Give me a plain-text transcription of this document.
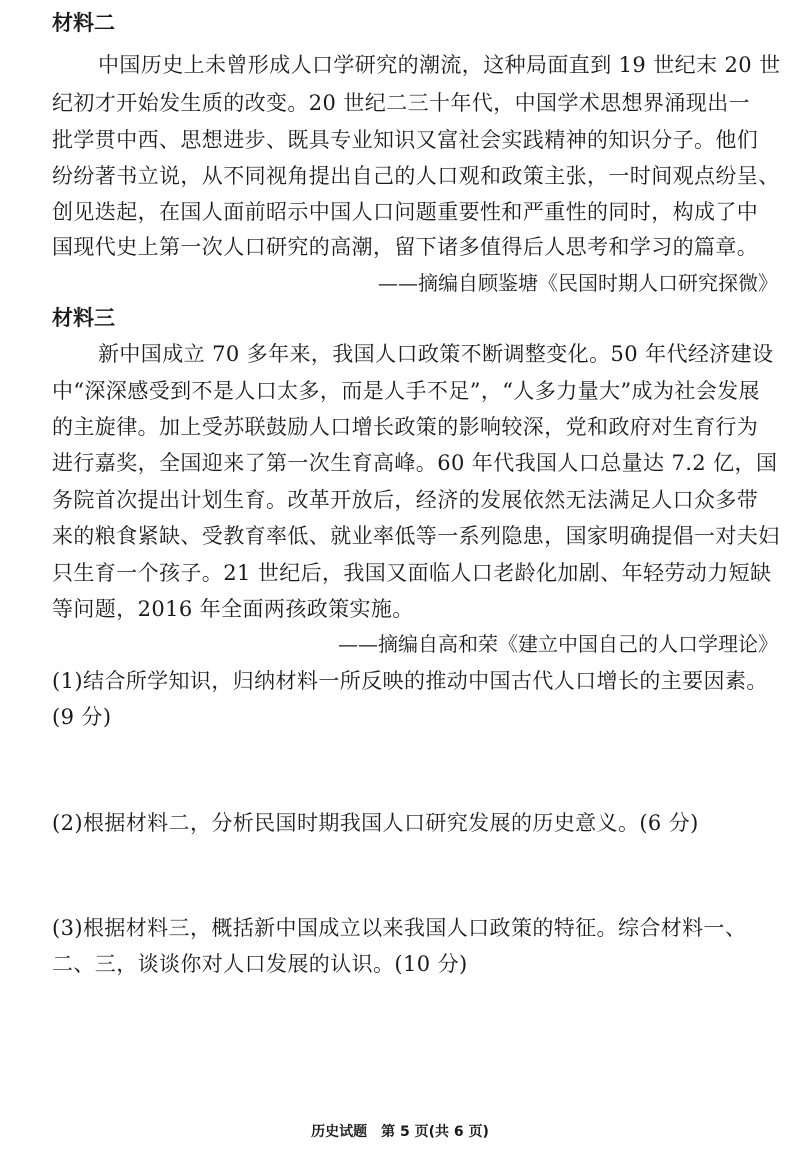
材料二
中国历史上未曾形成人口学研究的潮流，这种局面直到 19 世纪末 20 世
纪初才开始发生质的改变。20 世纪二三十年代，中国学术思想界涌现出一
批学贯中西、思想进步、既具专业知识又富社会实践精神的知识分子。他们
纷纷著书立说，从不同视角提出自己的人口观和政策主张，一时间观点纷呈、
创见迭起，在国人面前昭示中国人口问题重要性和严重性的同时，构成了中
国现代史上第一次人口研究的高潮，留下诸多值得后人思考和学习的篇章。
——摘编自顾鉴塘《民国时期人口研究探微》
材料三
新中国成立 70 多年来，我国人口政策不断调整变化。50 年代经济建设
中“深深感受到不是人口太多，而是人手不足”，“人多力量大”成为社会发展
的主旋律。加上受苏联鼓励人口增长政策的影响较深，党和政府对生育行为
进行嘉奖，全国迎来了第一次生育高峰。60 年代我国人口总量达 7.2 亿，国
务院首次提出计划生育。改革开放后，经济的发展依然无法满足人口众多带
来的粮食紧缺、受教育率低、就业率低等一系列隐患，国家明确提倡一对夫妇
只生育一个孩子。21 世纪后，我国又面临人口老龄化加剧、年轻劳动力短缺
等问题，2016 年全面两孩政策实施。
——摘编自高和荣《建立中国自己的人口学理论》
(1)结合所学知识，归纳材料一所反映的推动中国古代人口增长的主要因素。
(9 分)
(2)根据材料二，分析民国时期我国人口研究发展的历史意义。(6 分)
(3)根据材料三，概括新中国成立以来我国人口政策的特征。综合材料一、
二、三，谈谈你对人口发展的认识。(10 分)
历史试题　第 5 页(共 6 页)
